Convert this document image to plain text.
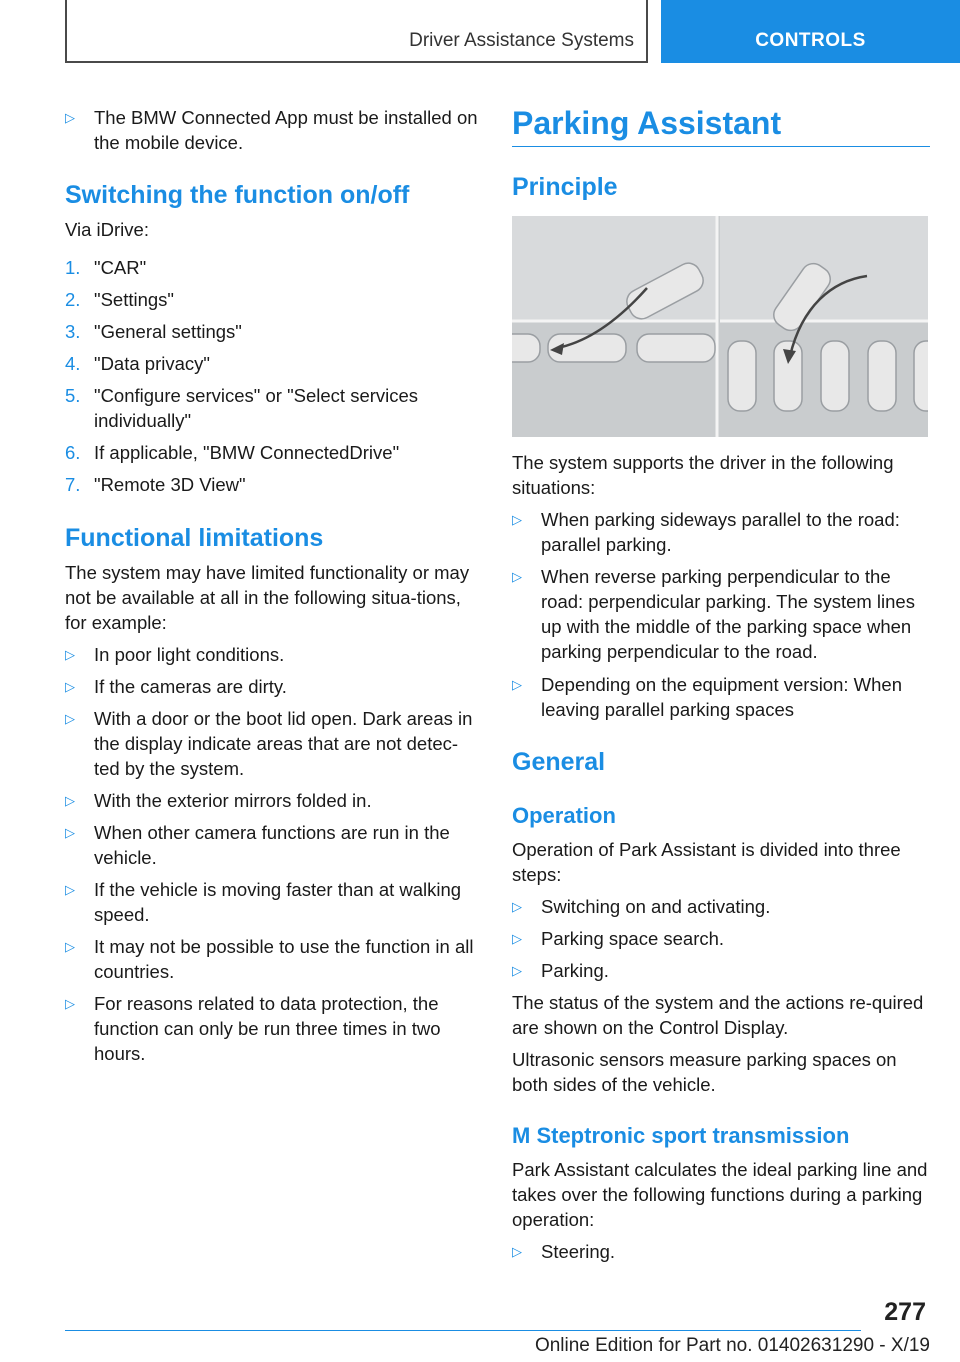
Driver Assistance Systems	CONTROLS
▷ The BMW Connected App must be installed on the mobile device.
Switching the function on/off
Via iDrive:
1. "CAR"
2. "Settings"
3. "General settings"
4. "Data privacy"
5. "Configure services" or "Select services individually"
6. If applicable, "BMW ConnectedDrive"
7. "Remote 3D View"
Functional limitations
The system may have limited functionality or may not be available at all in the following situa-tions, for example:
▷ In poor light conditions.
▷ If the cameras are dirty.
▷ With a door or the boot lid open. Dark areas in the display indicate areas that are not detec-ted by the system.
▷ With the exterior mirrors folded in.
▷ When other camera functions are run in the vehicle.
▷ If the vehicle is moving faster than at walking speed.
▷ It may not be possible to use the function in all countries.
▷ For reasons related to data protection, the function can only be run three times in two hours.
Parking Assistant
Principle
The system supports the driver in the following situations:
▷ When parking sideways parallel to the road: parallel parking.
▷ When reverse parking perpendicular to the road: perpendicular parking. The system lines up with the middle of the parking space when parking perpendicular to the road.
▷ Depending on the equipment version: When leaving parallel parking spaces
General
Operation
Operation of Park Assistant is divided into three steps:
▷ Switching on and activating.
▷ Parking space search.
▷ Parking.
The status of the system and the actions re-quired are shown on the Control Display.
Ultrasonic sensors measure parking spaces on both sides of the vehicle.
M Steptronic sport transmission
Park Assistant calculates the ideal parking line and takes over the following functions during a parking operation:
▷ Steering.
277
Online Edition for Part no. 01402631290 - X/19
